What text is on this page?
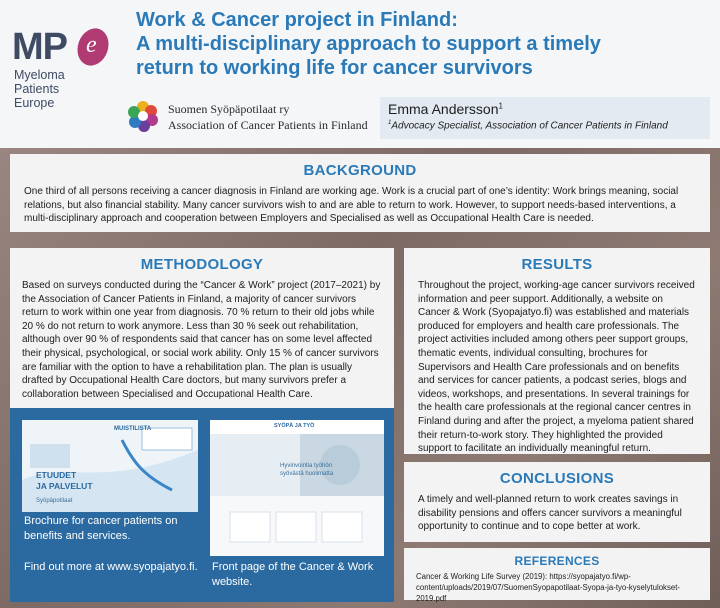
MP e
Myeloma
Patients
Europe
Work & Cancer project in Finland:
A multi-disciplinary approach to support a timely
return to working life for cancer survivors
Suomen Syöpäpotilaat ry
Association of Cancer Patients in Finland
Emma Andersson$^1$
$^1$Advocacy Specialist, Association of Cancer Patients in Finland
BACKGROUND

One third of all persons receiving a cancer diagnosis in Finland are working age. Work is a crucial part of one’s identity: Work brings meaning, social relations, but also financial stability. Many cancer survivors wish to and are able to return to work. However, to support needs-based interventions, a multi-disciplinary approach and cooperation between Employers and Specialised as well as Occupational Health Care is needed.

METHODOLOGY

Based on surveys conducted during the “Cancer & Work” project (2017–2021) by the Association of Cancer Patients in Finland, a majority of cancer survivors return to work within one year from diagnosis. 70 % return to their old jobs while 20 % do not return to work anymore. Less than 30 % seek out rehabilitation, although over 90 % of respondents said that cancer has on some level affected their physical, psychological, or social work ability. Only 15 % of cancer survivors are familiar with the option to have a rehabilitation plan. The plan is usually drafted by Occupational Health Care doctors, but many survivors prefer a collaboration between Specialised and Occupational Health Care.

MUISTILISTA
ETUUDET
JA PALVELUT
Syöpäpotilaat
SYÖPÄ JA TYÖ
Hyvinvointia työhön syövästä huolimatta
Brochure for cancer patients on benefits and services.
Find out more at www.syopajatyo.fi.	Front page of the Cancer & Work website.
RESULTS

Throughout the project, working-age cancer survivors received information and peer support. Additionally, a website on Cancer & Work (Syopajatyo.fi) was established and materials produced for employers and health care professionals. The project activities included among others peer support groups, thematic events, individual consulting, brochures for Supervisors and Health Care professionals and on benefits and services for cancer patients, a podcast series, blogs and videos, workshops, and presentations. In several trainings for the health care professionals at the regional cancer centres in Finland during and after the project, a myeloma patient shared their return-to-work story. They highlighted the provided support to facilitate an individually meaningful return.

CONCLUSIONS

A timely and well-planned return to work creates savings in disability pensions and offers cancer survivors a meaningful opportunity to continue and to cope better at work.

REFERENCES

Cancer & Working Life Survey (2019): https://syopajatyo.fi/wp-content/uploads/2019/07/SuomenSyopapotilaat-Syopa-ja-tyo-kyselytulokset-2019.pdf
